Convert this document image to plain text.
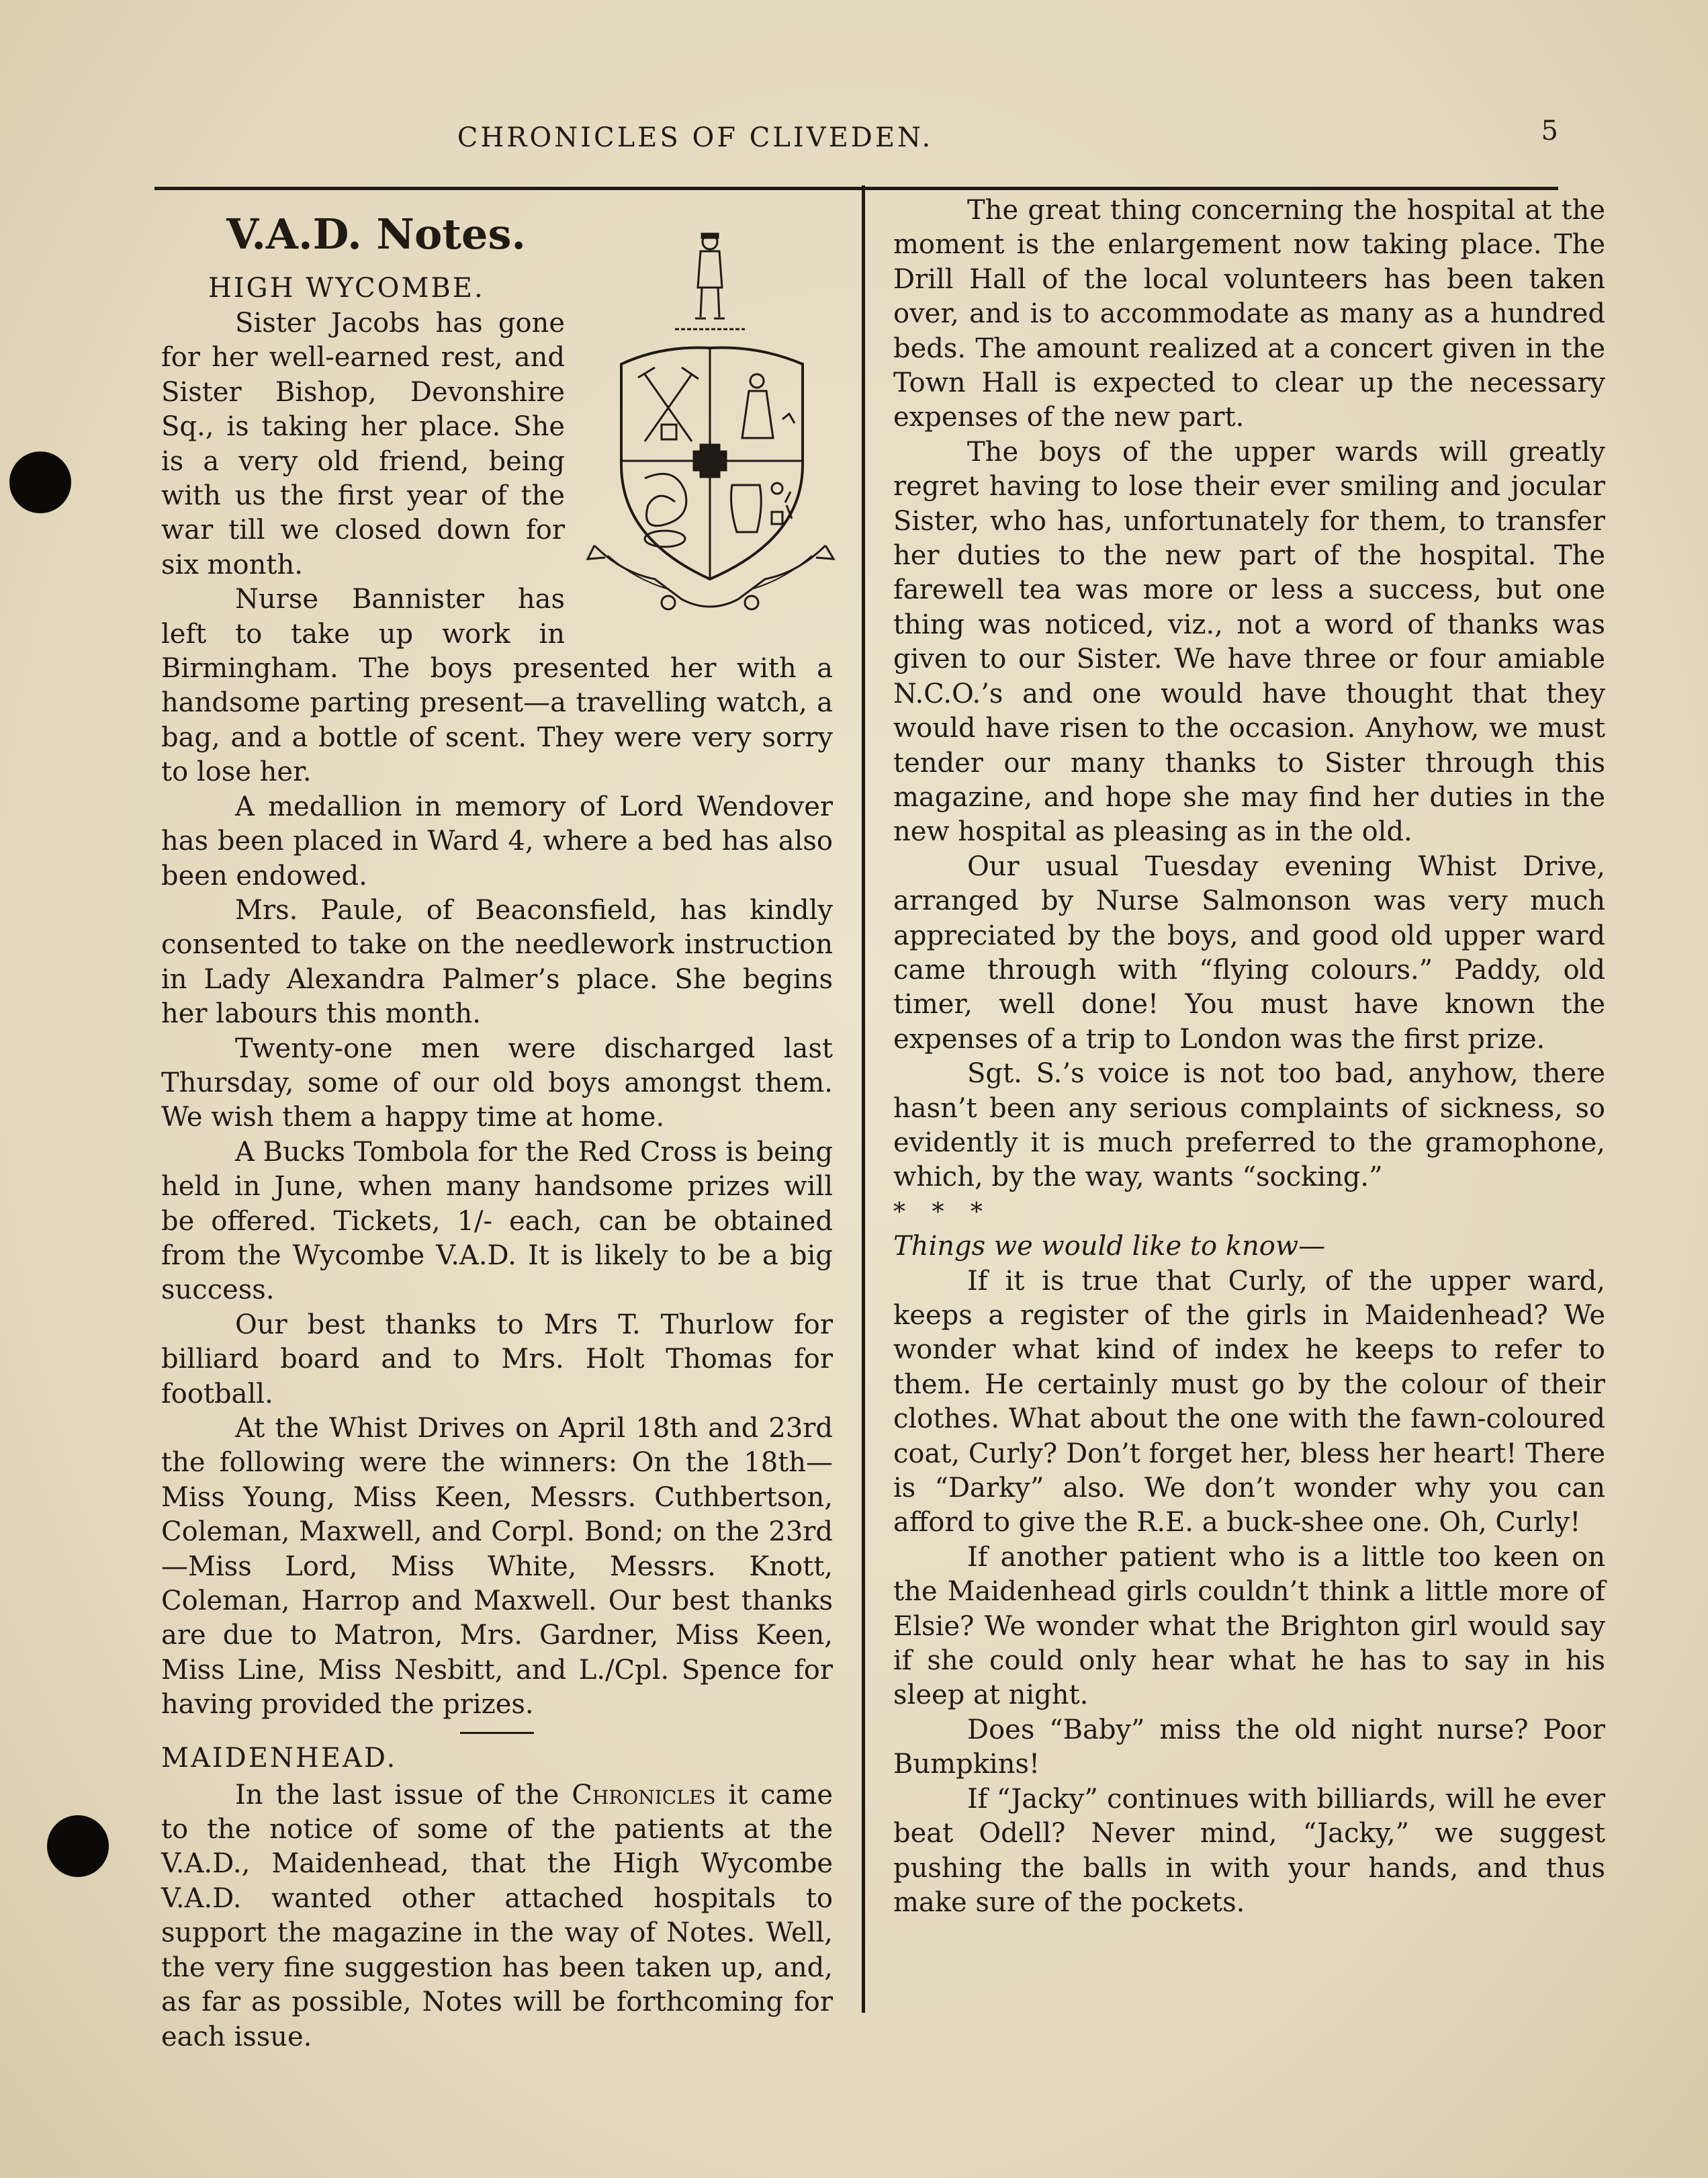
CHRONICLES OF CLIVEDEN.	5
V.A.D. Notes.

HIGH WYCOMBE.

Sister Jacobs has gone for her well-earned rest, and Sister Bishop, Devonshire Sq., is taking her place. She is a very old friend, being with us the first year of the war till we closed down for six month.

Nurse Bannister has left to take up work in Birmingham. The boys presented her with a handsome parting present—a travelling watch, a bag, and a bottle of scent. They were very sorry to lose her.

A medallion in memory of Lord Wendover has been placed in Ward 4, where a bed has also been endowed.

Mrs. Paule, of Beaconsfield, has kindly consented to take on the needlework instruction in Lady Alexandra Palmer’s place. She begins her labours this month.

Twenty-one men were discharged last Thursday, some of our old boys amongst them. We wish them a happy time at home.

A Bucks Tombola for the Red Cross is being held in June, when many handsome prizes will be offered. Tickets, 1/- each, can be obtained from the Wycombe V.A.D. It is likely to be a big success.

Our best thanks to Mrs T. Thurlow for billiard board and to Mrs. Holt Thomas for football.

At the Whist Drives on April 18th and 23rd the following were the winners: On the 18th—Miss Young, Miss Keen, Messrs. Cuthbertson, Coleman, Maxwell, and Corpl. Bond; on the 23rd—Miss Lord, Miss White, Messrs. Knott, Coleman, Harrop and Maxwell. Our best thanks are due to Matron, Mrs. Gardner, Miss Keen, Miss Line, Miss Nesbitt, and L./Cpl. Spence for having provided the prizes.

MAIDENHEAD.

In the last issue of the Chronicles it came to the notice of some of the patients at the V.A.D., Maidenhead, that the High Wycombe V.A.D. wanted other attached hospitals to support the magazine in the way of Notes. Well, the very fine suggestion has been taken up, and, as far as possible, Notes will be forthcoming for each issue.

The great thing concerning the hospital at the moment is the enlargement now taking place. The Drill Hall of the local volunteers has been taken over, and is to accommodate as many as a hundred beds. The amount realized at a concert given in the Town Hall is expected to clear up the necessary expenses of the new part.

The boys of the upper wards will greatly regret having to lose their ever smiling and jocular Sister, who has, unfortunately for them, to transfer her duties to the new part of the hospital. The farewell tea was more or less a success, but one thing was noticed, viz., not a word of thanks was given to our Sister. We have three or four amiable N.C.O.’s and one would have thought that they would have risen to the occasion. Anyhow, we must tender our many thanks to Sister through this magazine, and hope she may find her duties in the new hospital as pleasing as in the old.

Our usual Tuesday evening Whist Drive, arranged by Nurse Salmonson was very much appreciated by the boys, and good old upper ward came through with “flying colours.” Paddy, old timer, well done! You must have known the expenses of a trip to London was the first prize.

Sgt. S.’s voice is not too bad, anyhow, there hasn’t been any serious complaints of sickness, so evidently it is much preferred to the gramophone, which, by the way, wants “socking.”

* * *

Things we would like to know—

If it is true that Curly, of the upper ward, keeps a register of the girls in Maidenhead? We wonder what kind of index he keeps to refer to them. He certainly must go by the colour of their clothes. What about the one with the fawn-coloured coat, Curly? Don’t forget her, bless her heart! There is “Darky” also. We don’t wonder why you can afford to give the R.E. a buck-shee one. Oh, Curly!

If another patient who is a little too keen on the Maidenhead girls couldn’t think a little more of Elsie? We wonder what the Brighton girl would say if she could only hear what he has to say in his sleep at night.

Does “Baby” miss the old night nurse? Poor Bumpkins!

If “Jacky” continues with billiards, will he ever beat Odell? Never mind, “Jacky,” we suggest pushing the balls in with your hands, and thus make sure of the pockets.
